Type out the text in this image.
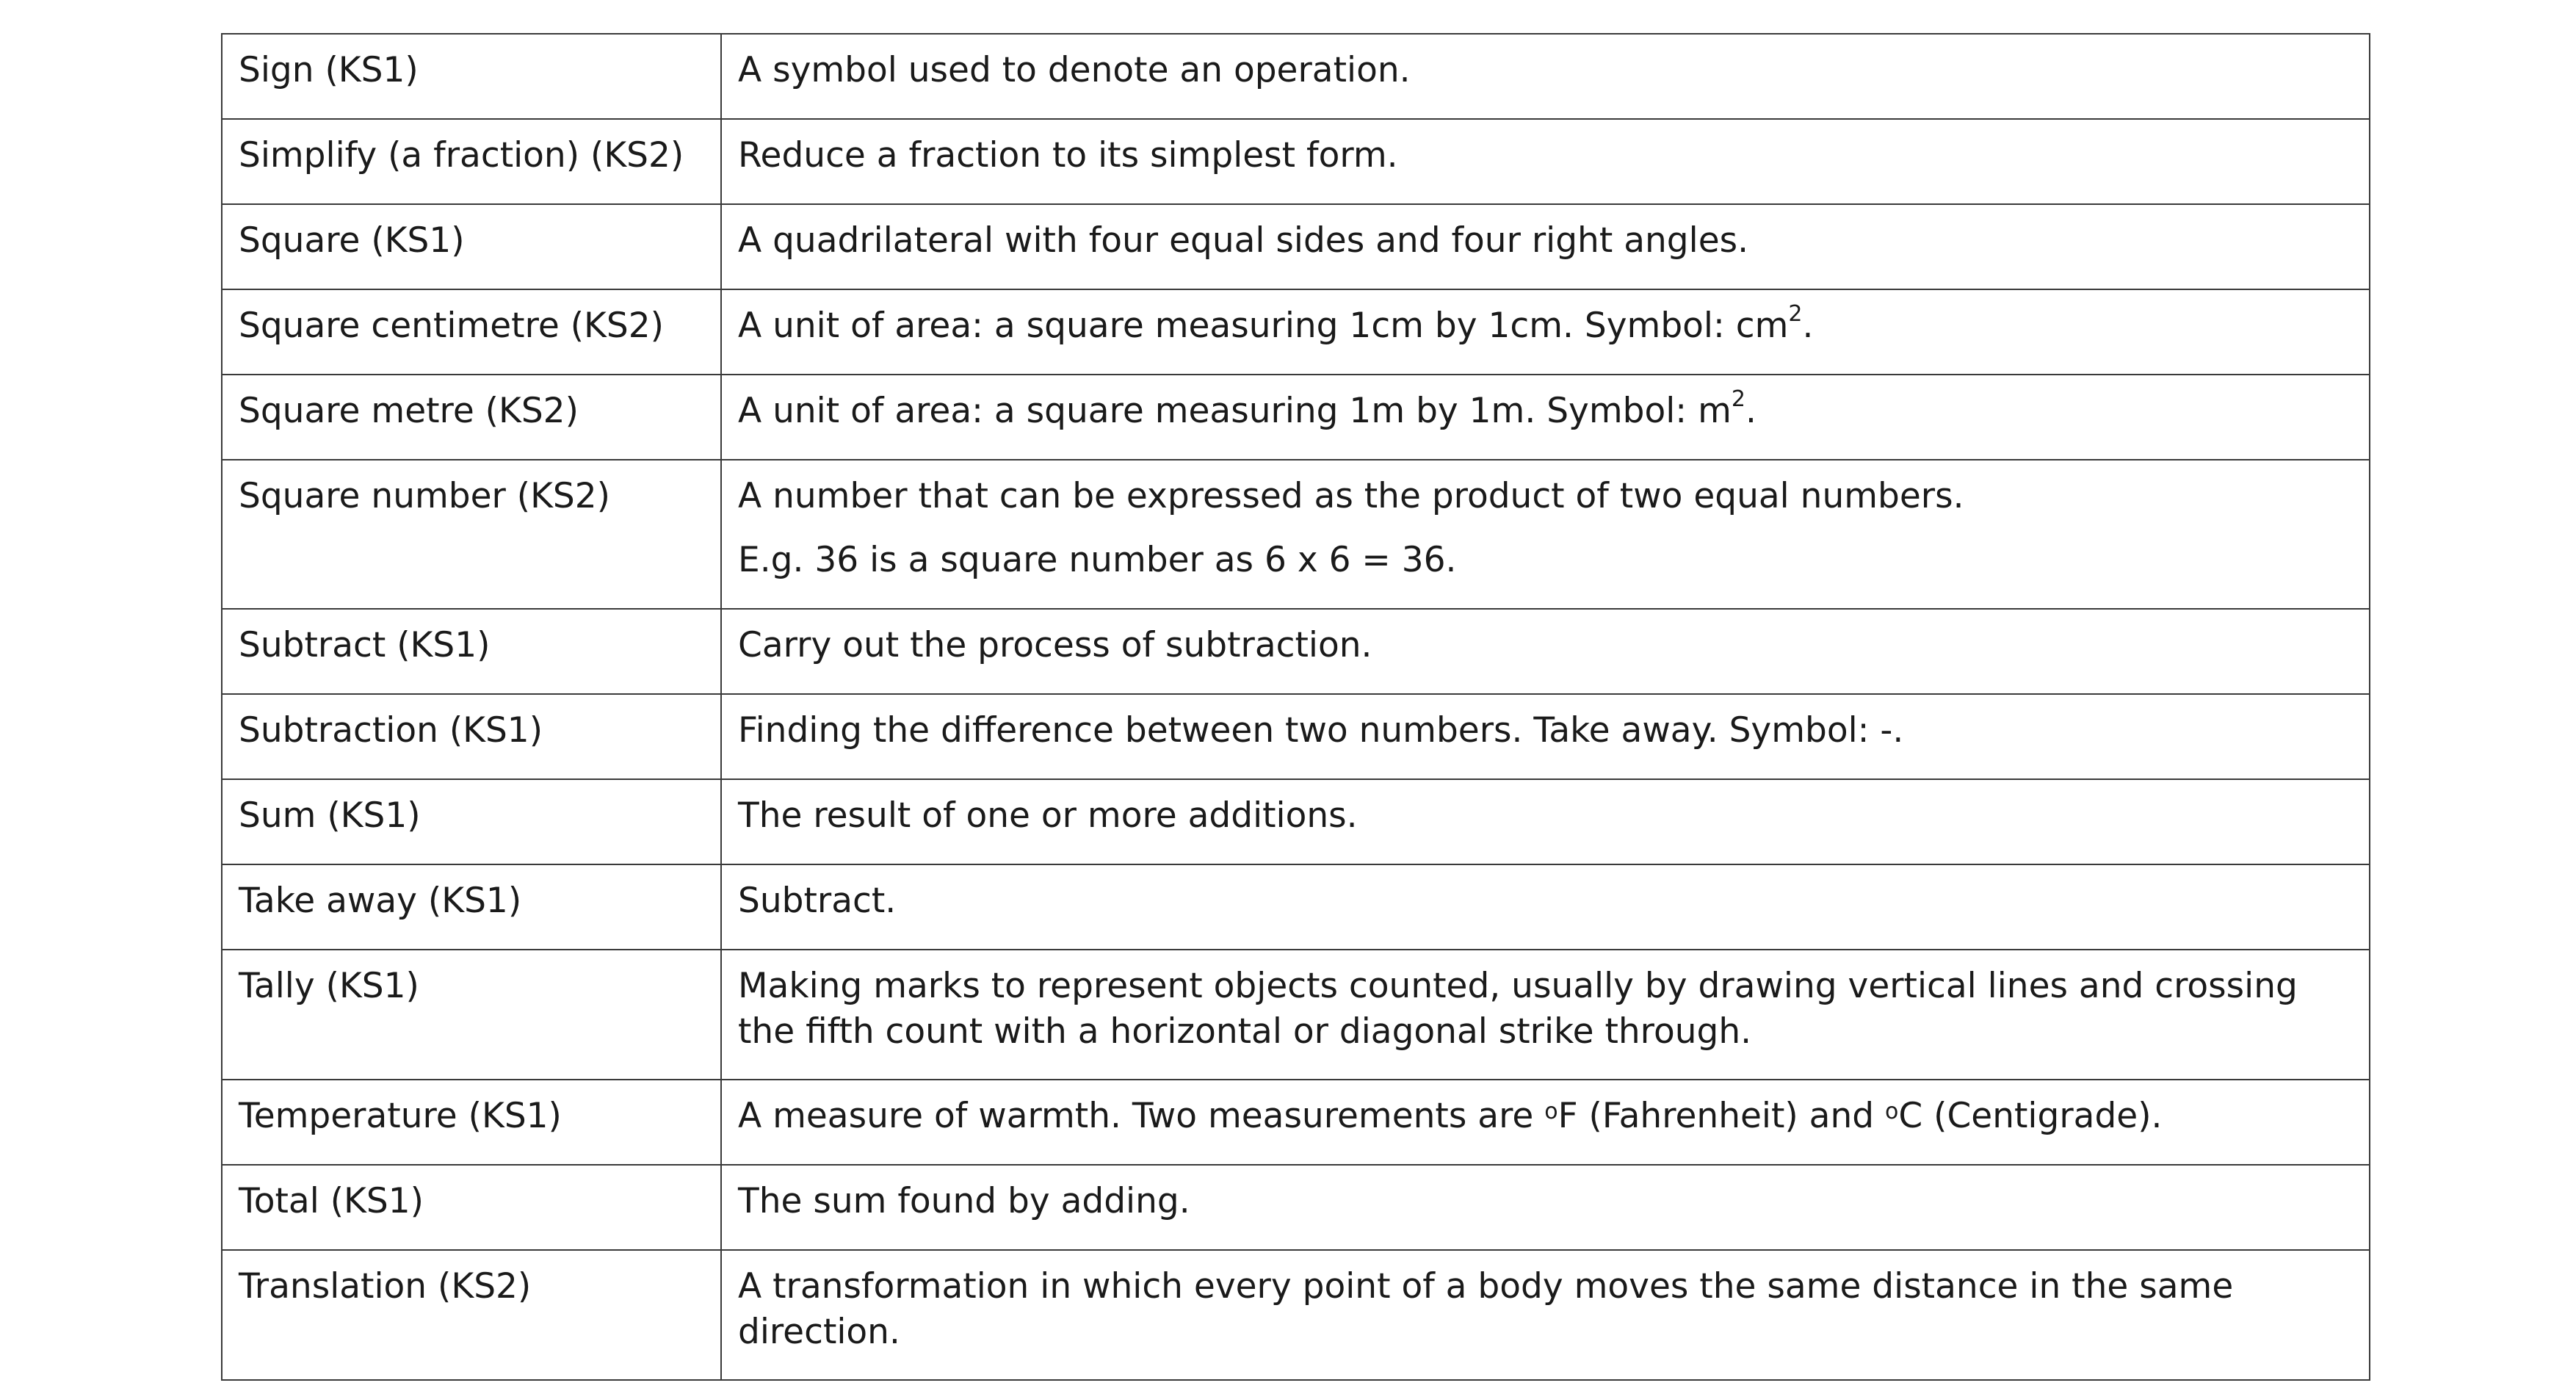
Sign (KS1)	A symbol used to denote an operation.
Simplify (a fraction) (KS2)	Reduce a fraction to its simplest form.
Square (KS1)	A quadrilateral with four equal sides and four right angles.
Square centimetre (KS2)	A unit of area: a square measuring 1cm by 1cm. Symbol: $cm^2$.
Square metre (KS2)	A unit of area: a square measuring 1m by 1m. Symbol: $m^2$.
Square number (KS2)	A number that can be expressed as the product of two equal numbers.
E.g. 36 is a square number as 6 x 6 = 36.

Subtract (KS1)	Carry out the process of subtraction.
Subtraction (KS1)	Finding the difference between two numbers. Take away. Symbol: -.
Sum (KS1)	The result of one or more additions.
Take away (KS1)	Subtract.
Tally (KS1)	Making marks to represent objects counted, usually by drawing vertical lines and crossing the fifth count with a horizontal or diagonal strike through.
Temperature (KS1)	A measure of warmth. Two measurements are $^o$F (Fahrenheit) and $^o$C (Centigrade).
Total (KS1)	The sum found by adding.
Translation (KS2)	A transformation in which every point of a body moves the same distance in the same direction.
